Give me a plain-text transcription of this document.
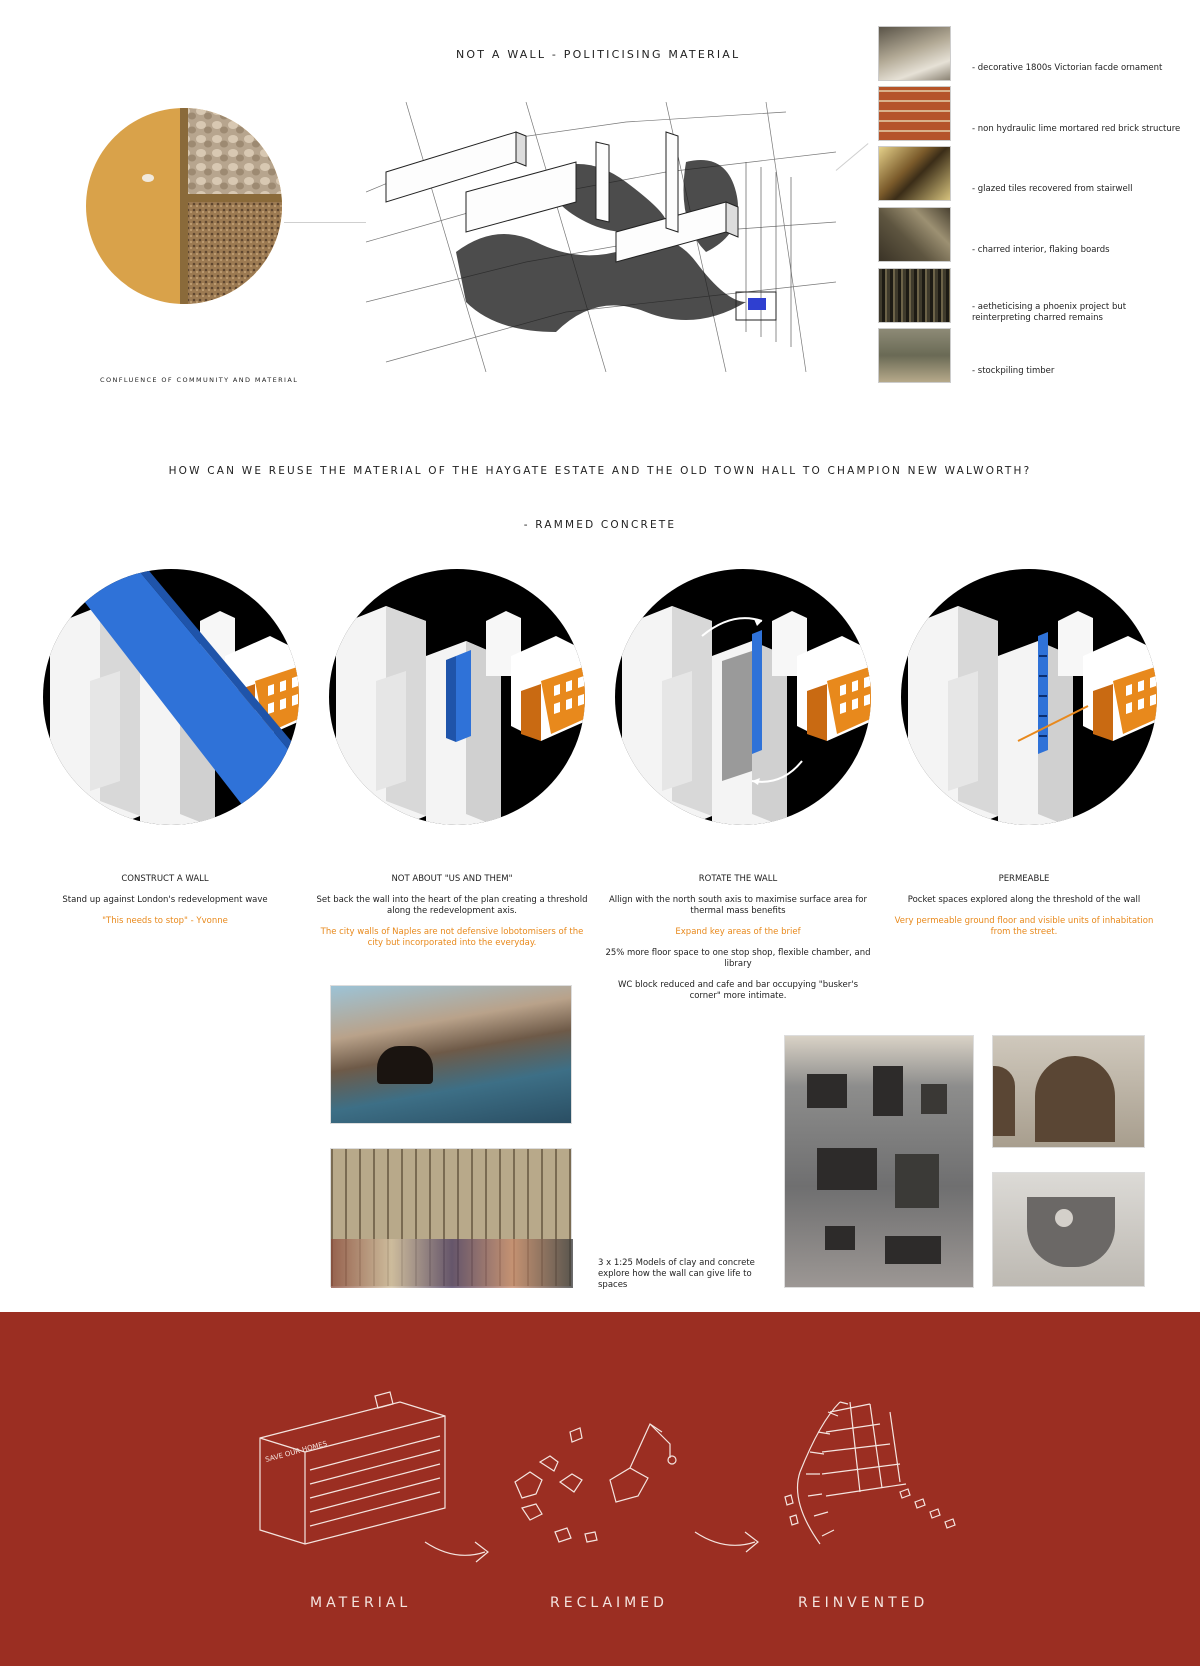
NOT A WALL - POLITICISING MATERIAL
CONFLUENCE OF COMMUNITY AND MATERIAL
- decorative 1800s Victorian facde ornament
- non hydraulic lime mortared red brick structure
- glazed tiles recovered from stairwell
- charred interior, flaking boards
- aetheticising a phoenix project but reinterpreting charred remains
- stockpiling timber
HOW CAN WE REUSE THE MATERIAL OF THE HAYGATE ESTATE AND THE OLD TOWN HALL TO CHAMPION NEW WALWORTH?
- RAMMED CONCRETE
CONSTRUCT A WALL
Stand up against London's redevelopment wave
"This needs to stop" - Yvonne
NOT ABOUT "US AND THEM"
Set back the wall into the heart of the plan creating a threshold along the redevelopment axis.
The city walls of Naples are not defensive lobotomisers of the city but incorporated into the everyday.
ROTATE THE WALL
Allign with the north south axis to maximise surface area for thermal mass benefits
Expand key areas of the brief
25% more floor space to one stop shop, flexible chamber, and library
WC block reduced and cafe and bar occupying "busker's corner" more intimate.
PERMEABLE
Pocket spaces explored along the threshold of the wall
Very permeable ground floor and visible units of inhabitation from the street.
3 x 1:25 Models of clay and concrete explore how the wall can give life to spaces
SAVE OUR HOMES
MATERIAL	RECLAIMED	REINVENTED
